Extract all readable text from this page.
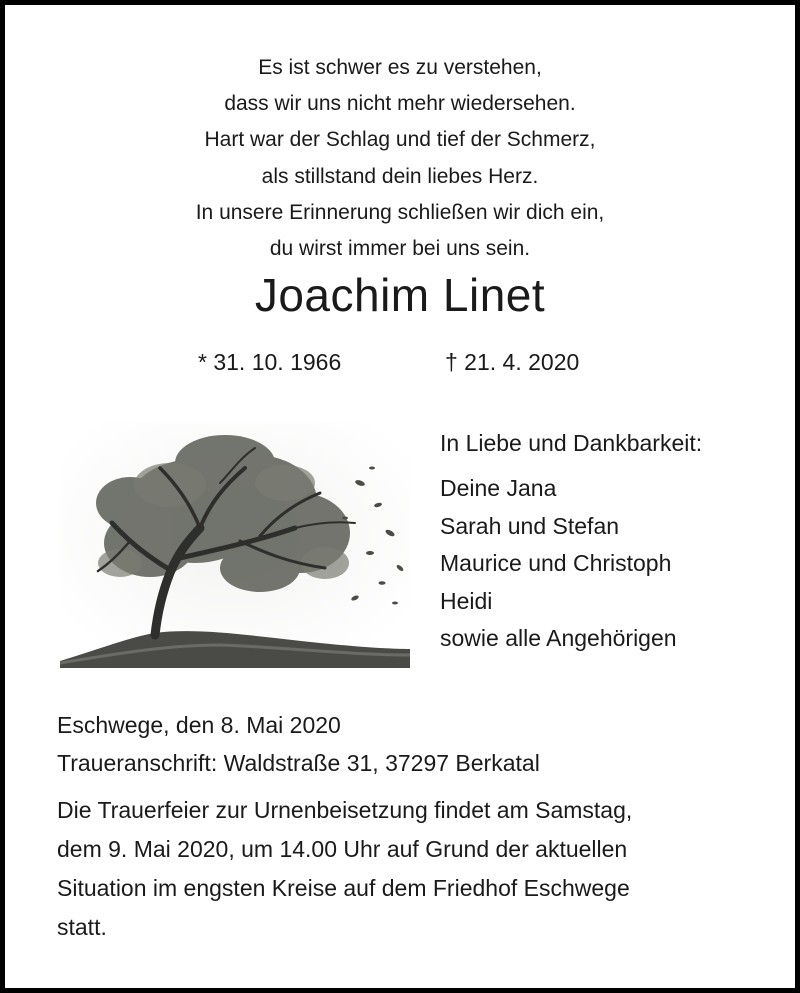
Es ist schwer es zu verstehen,
dass wir uns nicht mehr wiedersehen.
Hart war der Schlag und tief der Schmerz,
als stillstand dein liebes Herz.
In unsere Erinnerung schließen wir dich ein,
du wirst immer bei uns sein.
Joachim Linet
* 31. 10. 1966	† 21. 4. 2020
In Liebe und Dankbarkeit:
Deine Jana
Sarah und Stefan
Maurice und Christoph
Heidi
sowie alle Angehörigen
Eschwege, den 8. Mai 2020
Traueranschrift: Waldstraße 31, 37297 Berkatal
Die Trauerfeier zur Urnenbeisetzung findet am Samstag,
dem 9. Mai 2020, um 14.00 Uhr auf Grund der aktuellen
Situation im engsten Kreise auf dem Friedhof Eschwege
statt.
